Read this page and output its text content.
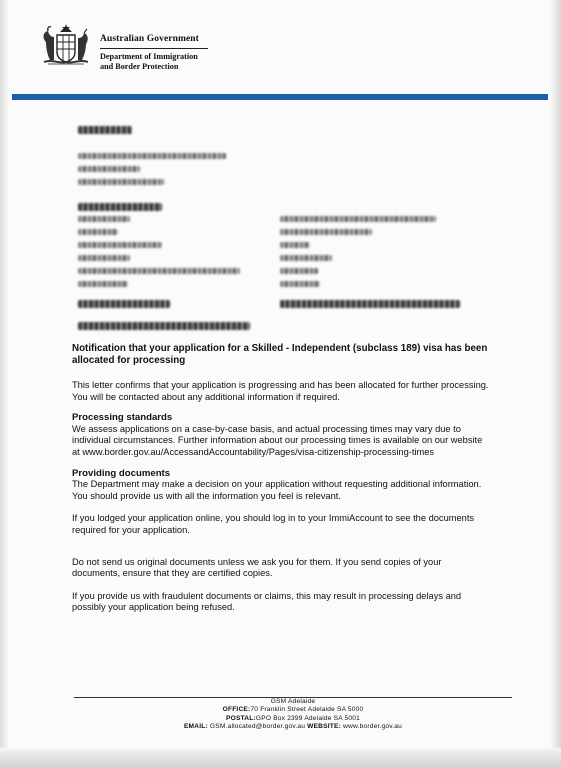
Australian Government
Department of Immigration
and Border Protection

Notification that your application for a Skilled - Independent (subclass 189) visa has been allocated for processing

This letter confirms that your application is progressing and has been allocated for further processing. You will be contacted about any additional information if required.

Processing standards

We assess applications on a case-by-case basis, and actual processing times may vary due to individual circumstances. Further information about our processing times is available on our website at www.border.gov.au/AccessandAccountability/Pages/visa-citizenship-processing-times

Providing documents

The Department may make a decision on your application without requesting additional information. You should provide us with all the information you feel is relevant.

If you lodged your application online, you should log in to your ImmiAccount to see the documents required for your application.

Do not send us original documents unless we ask you for them. If you send copies of your documents, ensure that they are certified copies.

If you provide us with fraudulent documents or claims, this may result in processing delays and possibly your application being refused.

GSM Adelaide
OFFICE:70 Franklin Street Adelaide SA 5000
POSTAL:GPO Box 2399 Adelaide SA 5001
EMAIL: GSM.allocated@border.gov.au WEBSITE: www.border.gov.au
